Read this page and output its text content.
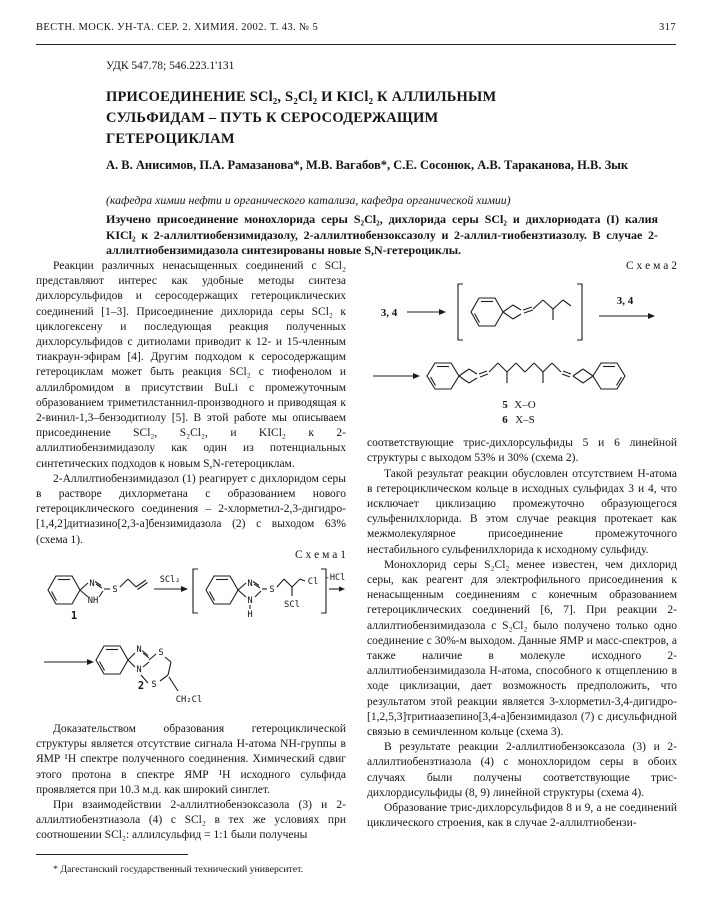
ВЕСТН. МОСК. УН-ТА. СЕР. 2. ХИМИЯ. 2002. Т. 43. № 5	317
УДК 547.78; 546.223.1'131
ПРИСОЕДИНЕНИЕ SCl₂, S₂Cl₂ И KICl₂ К АЛЛИЛЬНЫМ
СУЛЬФИДАМ – ПУТЬ К СЕРОСОДЕРЖАЩИМ
ГЕТЕРОЦИКЛАМ
А. В. Анисимов, П.А. Рамазанова*, М.В. Вагабов*, С.Е. Сосонюк, А.В. Тараканова, Н.В. Зык
(кафедра химии нефти и органического катализа, кафедра органической химии)
Изучено присоединение монохлорида серы S₂Cl₂, дихлорида серы SCl₂ и дихлориодата (I) калия KICl₂ к 2-аллилтиобензимидазолу, 2-аллилтиобензоксазолу и 2-аллил-тиобензтиазолу. В случае 2-аллилтиобензимидазола синтезированы новые S,N-гетероциклы.

Реакции различных ненасыщенных соединений с SCl₂ представляют интерес как удобные методы синтеза дихлорсульфидов и серосодержащих гетероциклических соединений [1–3]. Присоединение дихлорида серы SCl₂ к циклогексену и последующая реакция полученных дихлорсульфидов с дитиолами приводит к 12- и 15-членным тиакраун-эфирам [4]. Другим подходом к серосодержащим гетероциклам может быть реакция SCl₂ с тиофенолом и аллилбромидом в присутствии BuLi с промежуточным образованием триметилстаннил-производного и приводящая к 2-винил-1,3–бензодитиолу [5]. В этой работе мы описываем присоединение SCl₂, S₂Cl₂, и KICl₂ к 2-аллилтиобензимидазолу как один из потенциальных синтетических подходов к новым S,N-гетероциклам.

2-Аллилтиобензимидазол (1) реагирует с дихлоридом серы в растворе дихлорметана с образованием нового гетероциклического соединения – 2-хлорметил-2,3-дигидро-[1,4,2]дитиазино[2,3-а]бензимидазола (2) с выходом 63% (схема 1).

С х е м а 1

N
NH
S
1
SCl₂	N
N
H
S
SCl
Cl -HCl
N
N
S
S
2
CH₂Cl

Доказательством образования гетероциклической структуры является отсутствие сигнала Н-атома NH-группы в ЯМР ¹Н спектре полученного соединения. Химический сдвиг этого протона в спектре ЯМР ¹Н исходного сульфида проявляется при 10.3 м.д. как широкий синглет.

При взаимодействии 2-аллилтиобензоксазола (3) и 2-аллилтиобензтиазола (4) с SCl₂ в тех же условиях при соотношении SCl₂: аллилсульфид = 1:1 были получены

* Дагестанский государственный технический университет.

С х е м а 2

3, 4
3, 4
5 X–O
6 X–S

соответствующие трис-дихлорсульфиды 5 и 6 линейной структуры с выходом 53% и 30% (схема 2).

Такой результат реакции обусловлен отсутствием Н-атома в гетероциклическом кольце в исходных сульфидах 3 и 4, что исключает циклизацию промежуточно образующегося сульфенилхлорида. В этом случае реакция протекает как межмолекулярное присоединение промежуточного нестабильного сульфенилхлорида к исходному сульфиду.

Монохлорид серы S₂Cl₂ менее известен, чем дихлорид серы, как реагент для электрофильного присоединения к ненасыщенным соединениям с конечным образованием гетероциклических соединений [6, 7]. При реакции 2-аллилтиобензимидазола с S₂Cl₂ было получено только одно соединение с 30%-м выходом. Данные ЯМР и масс-спектров, а также наличие в молекуле исходного 2-аллилтиобензимидазола Н-атома, способного к отщеплению в ходе циклизации, дает возможность предположить, что результатом этой реакции является 3-хлорметил-3,4-дигидро-[1,2,5,3]тритиаазепино[3,4-а]бензимидазол (7) с дисульфидной связью в семичленном кольце (схема 3).

В результате реакции 2-аллилтиобензоксазола (3) и 2-аллилтиобензтиазола (4) с монохлоридом серы в обоих случаях были получены соответствующие трис-дихлордисульфиды (8, 9) линейной структуры (схема 4).

Образование трис-дихлорсульфидов 8 и 9, а не соединений циклического строения, как в случае 2-аллилтиобензи-
